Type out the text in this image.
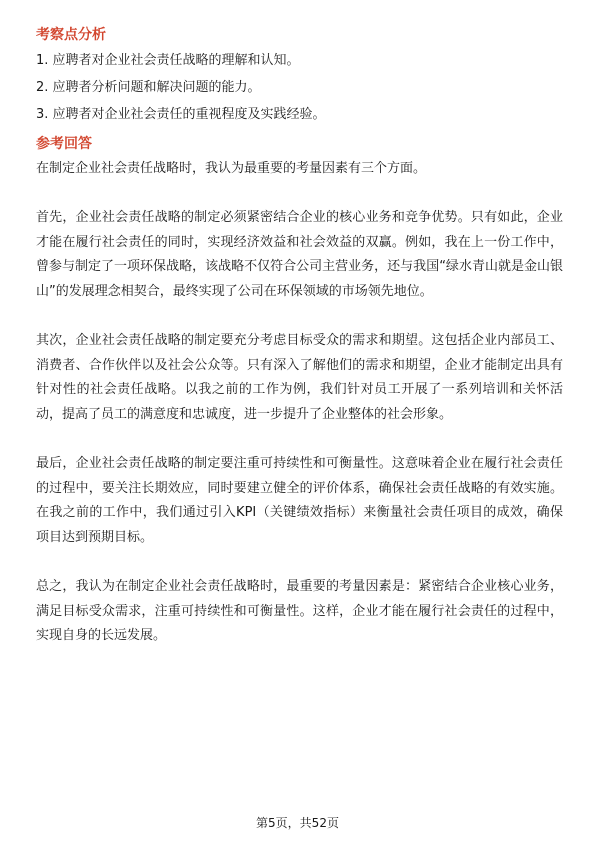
考察点分析
1. 应聘者对企业社会责任战略的理解和认知。
2. 应聘者分析问题和解决问题的能力。
3. 应聘者对企业社会责任的重视程度及实践经验。
参考回答

在制定企业社会责任战略时，我认为最重要的考量因素有三个方面。

首先，企业社会责任战略的制定必须紧密结合企业的核心业务和竞争优势。只有如此，企业才能在履行社会责任的同时，实现经济效益和社会效益的双赢。例如，我在上一份工作中，曾参与制定了一项环保战略，该战略不仅符合公司主营业务，还与我国“绿水青山就是金山银山”的发展理念相契合，最终实现了公司在环保领域的市场领先地位。

其次，企业社会责任战略的制定要充分考虑目标受众的需求和期望。这包括企业内部员工、消费者、合作伙伴以及社会公众等。只有深入了解他们的需求和期望，企业才能制定出具有针对性的社会责任战略。以我之前的工作为例，我们针对员工开展了一系列培训和关怀活动，提高了员工的满意度和忠诚度，进一步提升了企业整体的社会形象。

最后，企业社会责任战略的制定要注重可持续性和可衡量性。这意味着企业在履行社会责任的过程中，要关注长期效应，同时要建立健全的评价体系，确保社会责任战略的有效实施。在我之前的工作中，我们通过引入KPI（关键绩效指标）来衡量社会责任项目的成效，确保项目达到预期目标。

总之，我认为在制定企业社会责任战略时，最重要的考量因素是：紧密结合企业核心业务，满足目标受众需求，注重可持续性和可衡量性。这样，企业才能在履行社会责任的过程中，实现自身的长远发展。

第5页，共52页
